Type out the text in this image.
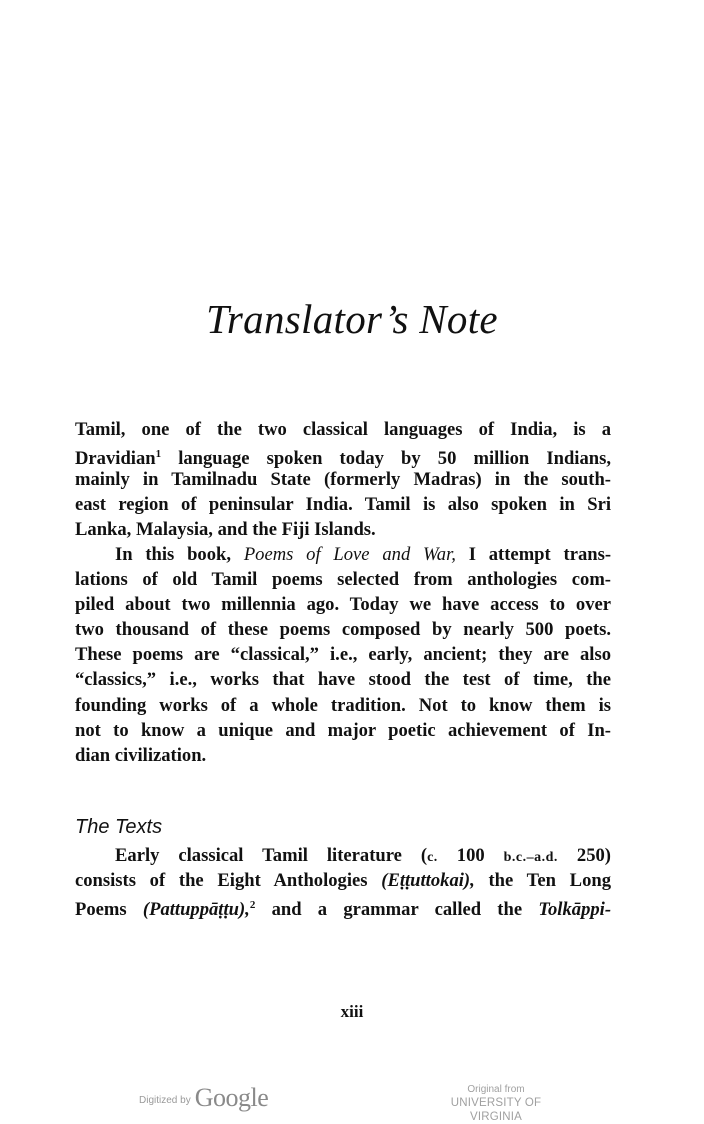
Translator’s Note
Tamil, one of the two classical languages of India, is a
Dravidian$^1$ language spoken today by 50 million Indians,
mainly in Tamilnadu State (formerly Madras) in the south-
east region of peninsular India. Tamil is also spoken in Sri
Lanka, Malaysia, and the Fiji Islands.
In this book, Poems of Love and War, I attempt trans-
lations of old Tamil poems selected from anthologies com-
piled about two millennia ago. Today we have access to over
two thousand of these poems composed by nearly 500 poets.
These poems are “classical,” i.e., early, ancient; they are also
“classics,” i.e., works that have stood the test of time, the
founding works of a whole tradition. Not to know them is
not to know a unique and major poetic achievement of In-
dian civilization.
The Texts
Early classical Tamil literature (c. 100 b.c.–a.d. 250)
consists of the Eight Anthologies (Eṭṭuttokai), the Ten Long
Poems (Pattuppāṭṭu),$^2$ and a grammar called the Tolkāppi-
xiii
Digitized by Google	Original from
UNIVERSITY OF VIRGINIA
